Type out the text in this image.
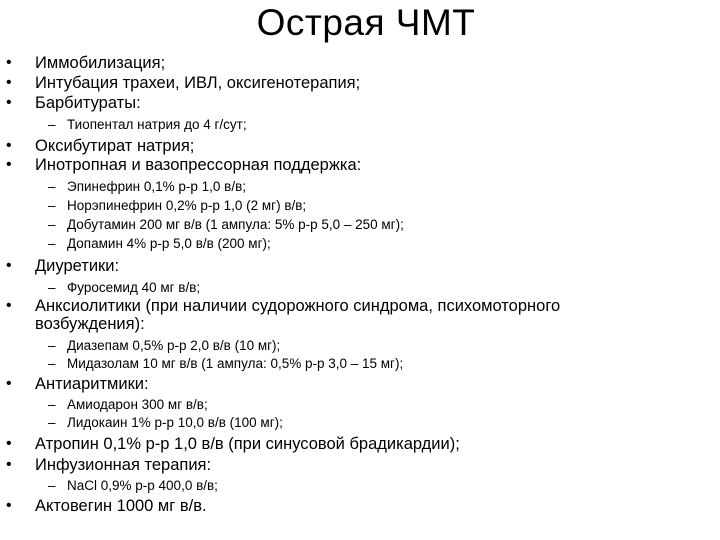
Острая ЧМТ
• Иммобилизация;
• Интубация трахеи, ИВЛ, оксигенотерапия;
• Барбитураты:
– Тиопентал натрия до 4 г/сут;
• Оксибутират натрия;
• Инотропная и вазопрессорная поддержка:
– Эпинефрин 0,1% р-р 1,0 в/в;
– Норэпинефрин 0,2% р-р 1,0 (2 мг) в/в;
– Добутамин 200 мг в/в (1 ампула: 5% р-р 5,0 – 250 мг);
– Допамин 4% р-р 5,0 в/в (200 мг);
• Диуретики:
– Фуросемид 40 мг в/в;
• Анксиолитики (при наличии судорожного синдрома, психомоторного
возбуждения):
– Диазепам 0,5% р-р 2,0 в/в (10 мг);
– Мидазолам 10 мг в/в (1 ампула: 0,5% р-р 3,0 – 15 мг);
• Антиаритмики:
– Амиодарон 300 мг в/в;
– Лидокаин 1% р-р 10,0 в/в (100 мг);
• Атропин 0,1% р-р 1,0 в/в (при синусовой брадикардии);
• Инфузионная терапия:
– NaCl 0,9% р-р 400,0 в/в;
• Актовегин 1000 мг в/в.
